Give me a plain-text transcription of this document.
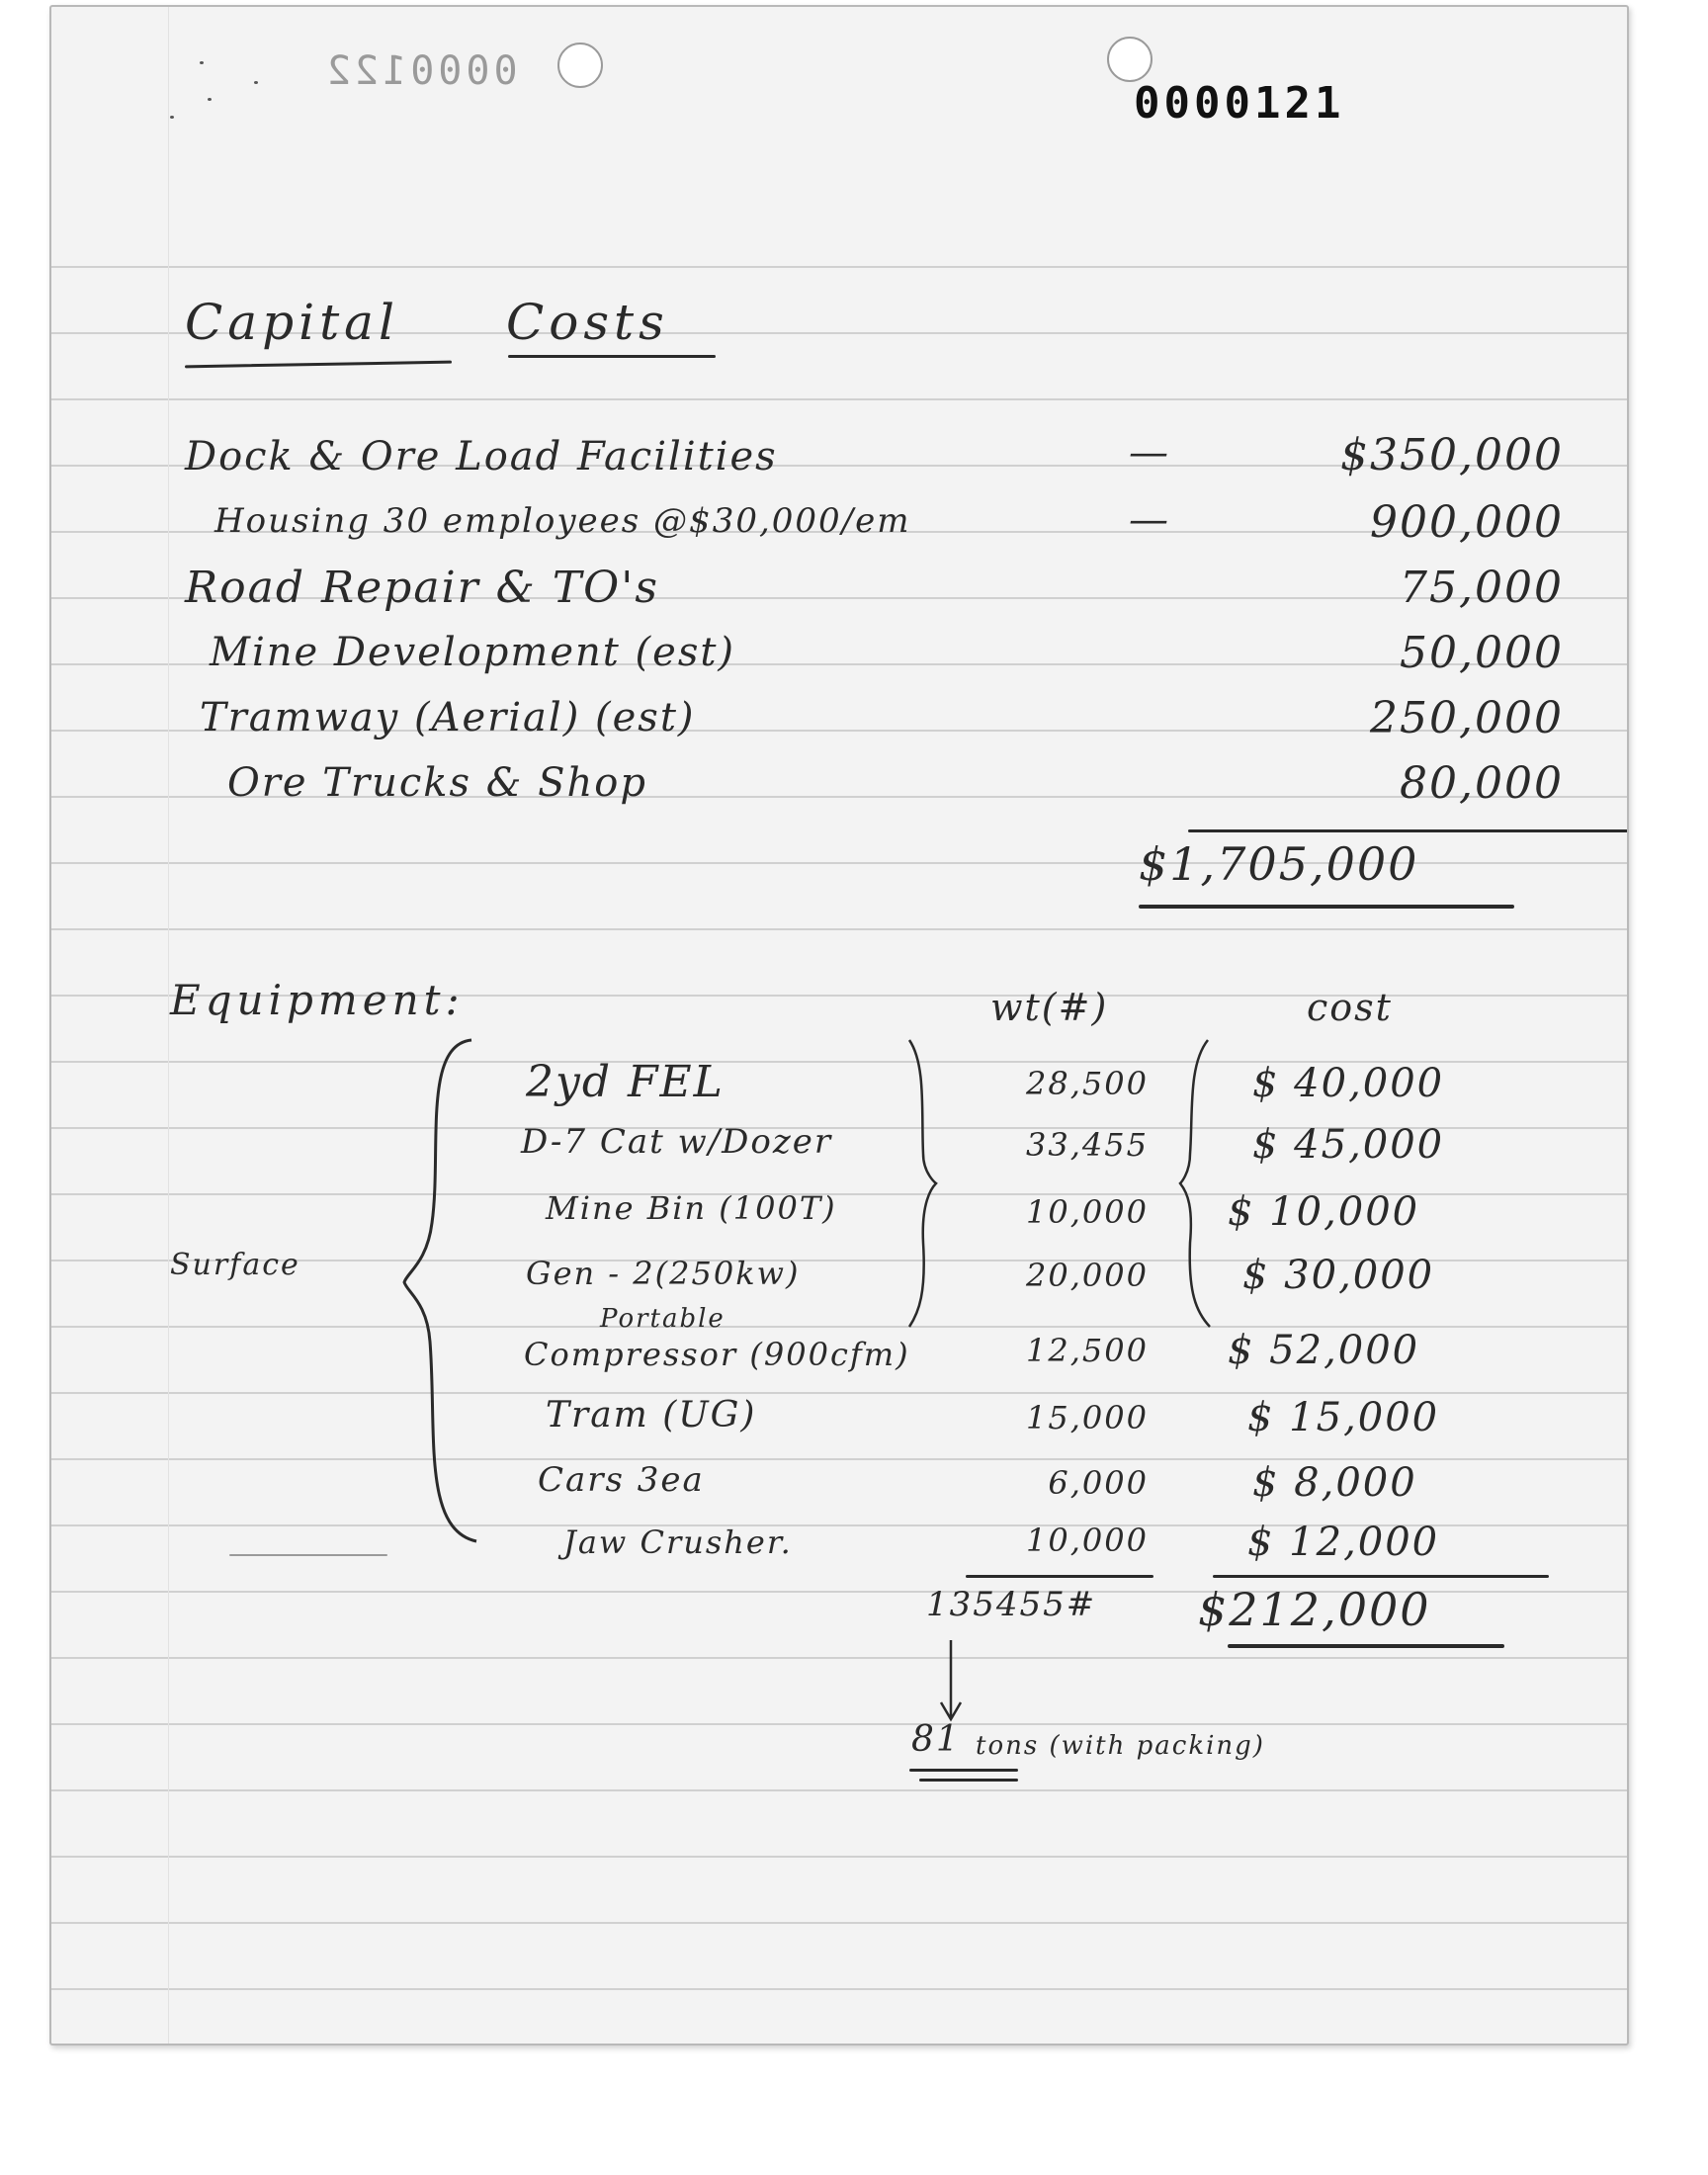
0000122
0000121
Capital Costs
Dock & Ore Load Facilities	—	$350,000
Housing 30 employees @$30,000/em	—	900,000
Road Repair & TO's	75,000
Mine Development (est)	50,000
Tramway (Aerial) (est)	250,000
Ore Trucks & Shop	80,000
$1,705,000
Equipment:	wt(#)	cost
Surface
Portable
2yd FEL	28,500	$ 40,000
D-7 Cat w/Dozer	33,455	$ 45,000
Mine Bin (100T)	10,000 $ 10,000
Gen - 2(250kw)	20,000 $ 30,000
Compressor (900cfm)	12,500 $ 52,000
Tram (UG)	15,000	$ 15,000
Cars 3ea	6,000	$ 8,000
Jaw Crusher.	10,000	$ 12,000
135455# $212,000
81 tons (with packing)
